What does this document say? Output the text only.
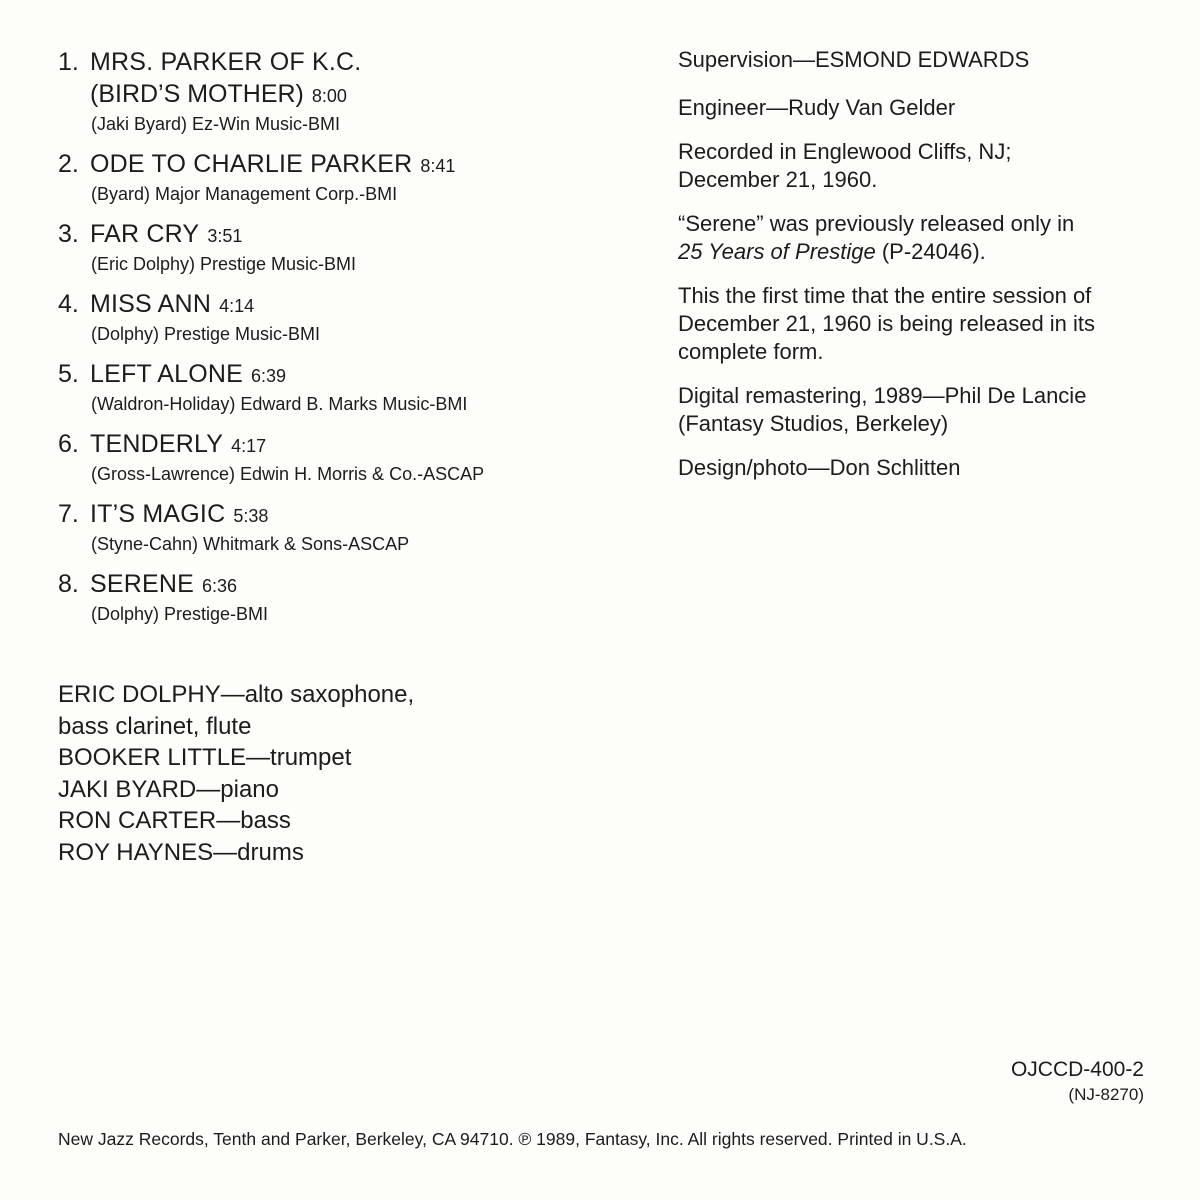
1. MRS. PARKER OF K.C.
(BIRD’S MOTHER) 8:00
(Jaki Byard) Ez-Win Music-BMI
2. ODE TO CHARLIE PARKER 8:41
(Byard) Major Management Corp.-BMI
3. FAR CRY 3:51
(Eric Dolphy) Prestige Music-BMI
4. MISS ANN 4:14
(Dolphy) Prestige Music-BMI
5. LEFT ALONE 6:39
(Waldron-Holiday) Edward B. Marks Music-BMI
6. TENDERLY 4:17
(Gross-Lawrence) Edwin H. Morris & Co.-ASCAP
7. IT’S MAGIC 5:38
(Styne-Cahn) Whitmark & Sons-ASCAP
8. SERENE 6:36
(Dolphy) Prestige-BMI
ERIC DOLPHY—alto saxophone,
bass clarinet, flute
BOOKER LITTLE—trumpet
JAKI BYARD—piano
RON CARTER—bass
ROY HAYNES—drums
Supervision—ESMOND EDWARDS
Engineer—Rudy Van Gelder
Recorded in Englewood Cliffs, NJ;
December 21, 1960.
“Serene” was previously released only in
25 Years of Prestige (P-24046).
This the first time that the entire session of
December 21, 1960 is being released in its
complete form.
Digital remastering, 1989—Phil De Lancie
(Fantasy Studios, Berkeley)
Design/photo—Don Schlitten
OJCCD-400-2
(NJ-8270)
New Jazz Records, Tenth and Parker, Berkeley, CA 94710. ℗ 1989, Fantasy, Inc. All rights reserved. Printed in U.S.A.
